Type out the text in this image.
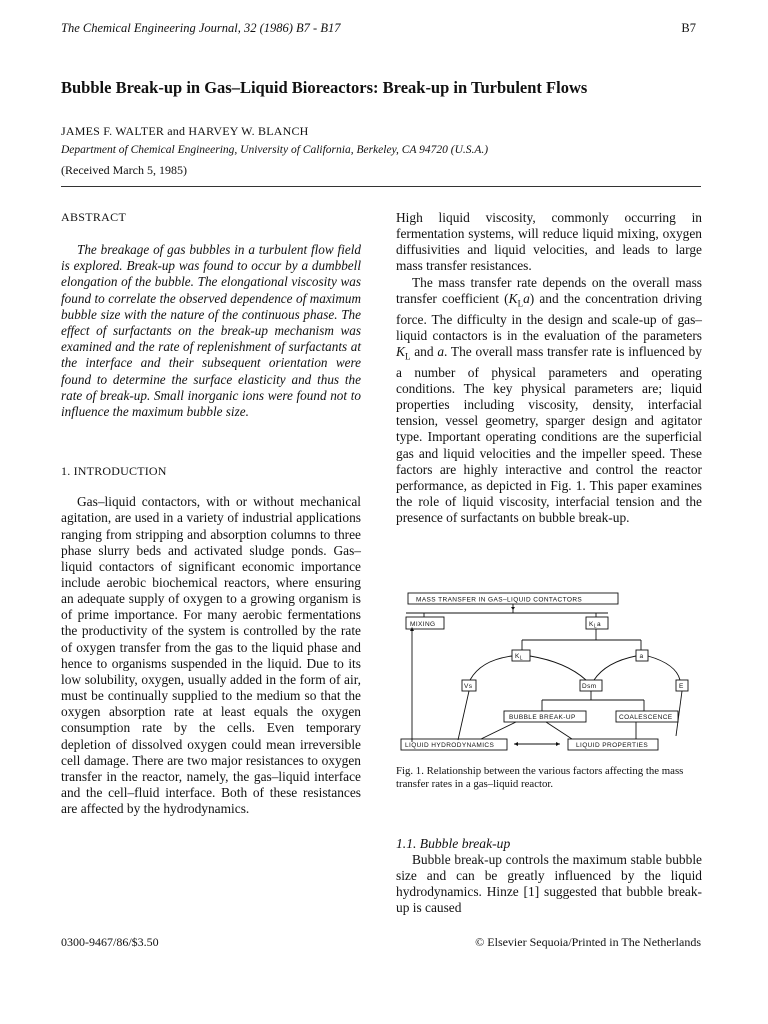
The Chemical Engineering Journal, 32 (1986) B7 - B17	B7
Bubble Break-up in Gas–Liquid Bioreactors: Break-up in Turbulent Flows
JAMES F. WALTER and HARVEY W. BLANCH
Department of Chemical Engineering, University of California, Berkeley, CA 94720 (U.S.A.)
(Received March 5, 1985)

ABSTRACT

The breakage of gas bubbles in a turbulent flow field is explored. Break-up was found to occur by a dumbbell elongation of the bubble. The elongational viscosity was found to correlate the observed dependence of maximum bubble size with the nature of the continuous phase. The effect of surfactants on the break-up mechanism was examined and the rate of replenishment of surfactants at the interface and their subsequent orientation were found to determine the surface elasticity and thus the rate of break-up. Small inorganic ions were found not to influence the maximum bubble size.

1. INTRODUCTION

Gas–liquid contactors, with or without mechanical agitation, are used in a variety of industrial applications ranging from stripping and absorption columns to three phase slurry beds and activated sludge ponds. Gas–liquid contactors of significant economic importance include aerobic biochemical reactors, where ensuring an adequate supply of oxygen to a growing organism is of prime importance. For many aerobic fermentations the productivity of the system is controlled by the rate of oxygen transfer from the gas to the liquid phase and hence to organisms suspended in the liquid. Due to its low solubility, oxygen, usually added in the form of air, must be continually supplied to the medium so that the oxygen absorption rate at least equals the oxygen consumption rate by the cells. Even temporary depletion of dissolved oxygen could mean irreversible cell damage. There are two major resistances to oxygen transfer in the reactor, namely, the gas–liquid interface and the cell–fluid interface. Both of these resistances are affected by the hydrodynamics.

High liquid viscosity, commonly occurring in fermentation systems, will reduce liquid mixing, oxygen diffusivities and liquid velocities, and leads to large mass transfer resistances.

The mass transfer rate depends on the overall mass transfer coefficient $(K_La)$ and the concentration driving force. The difficulty in the design and scale-up of gas–liquid contactors is in the evaluation of the parameters $K_L$ and a. The overall mass transfer rate is influenced by a number of physical parameters and operating conditions. The key physical parameters are; liquid properties including viscosity, density, interfacial tension, vessel geometry, sparger design and agitator type. Important operating conditions are the superficial gas and liquid velocities and the impeller speed. These factors are highly interactive and control the reactor performance, as depicted in Fig. 1. This paper examines the role of liquid viscosity, interfacial tension and the presence of surfactants on bubble break-up.

MASS TRANSFER IN GAS–LIQUID CONTACTORS
MIXING	$K_La$
$K_L$	a
Vs	Dsm	E
BUBBLE BREAK-UP	COALESCENCE
LIQUID HYDRODYNAMICS	LIQUID PROPERTIES

Fig. 1. Relationship between the various factors affecting the mass transfer rates in a gas–liquid reactor.

1.1. Bubble break-up

Bubble break-up controls the maximum stable bubble size and can be greatly influenced by the liquid hydrodynamics. Hinze [1] suggested that bubble break-up is caused

0300-9467/86/$3.50	© Elsevier Sequoia/Printed in The Netherlands
